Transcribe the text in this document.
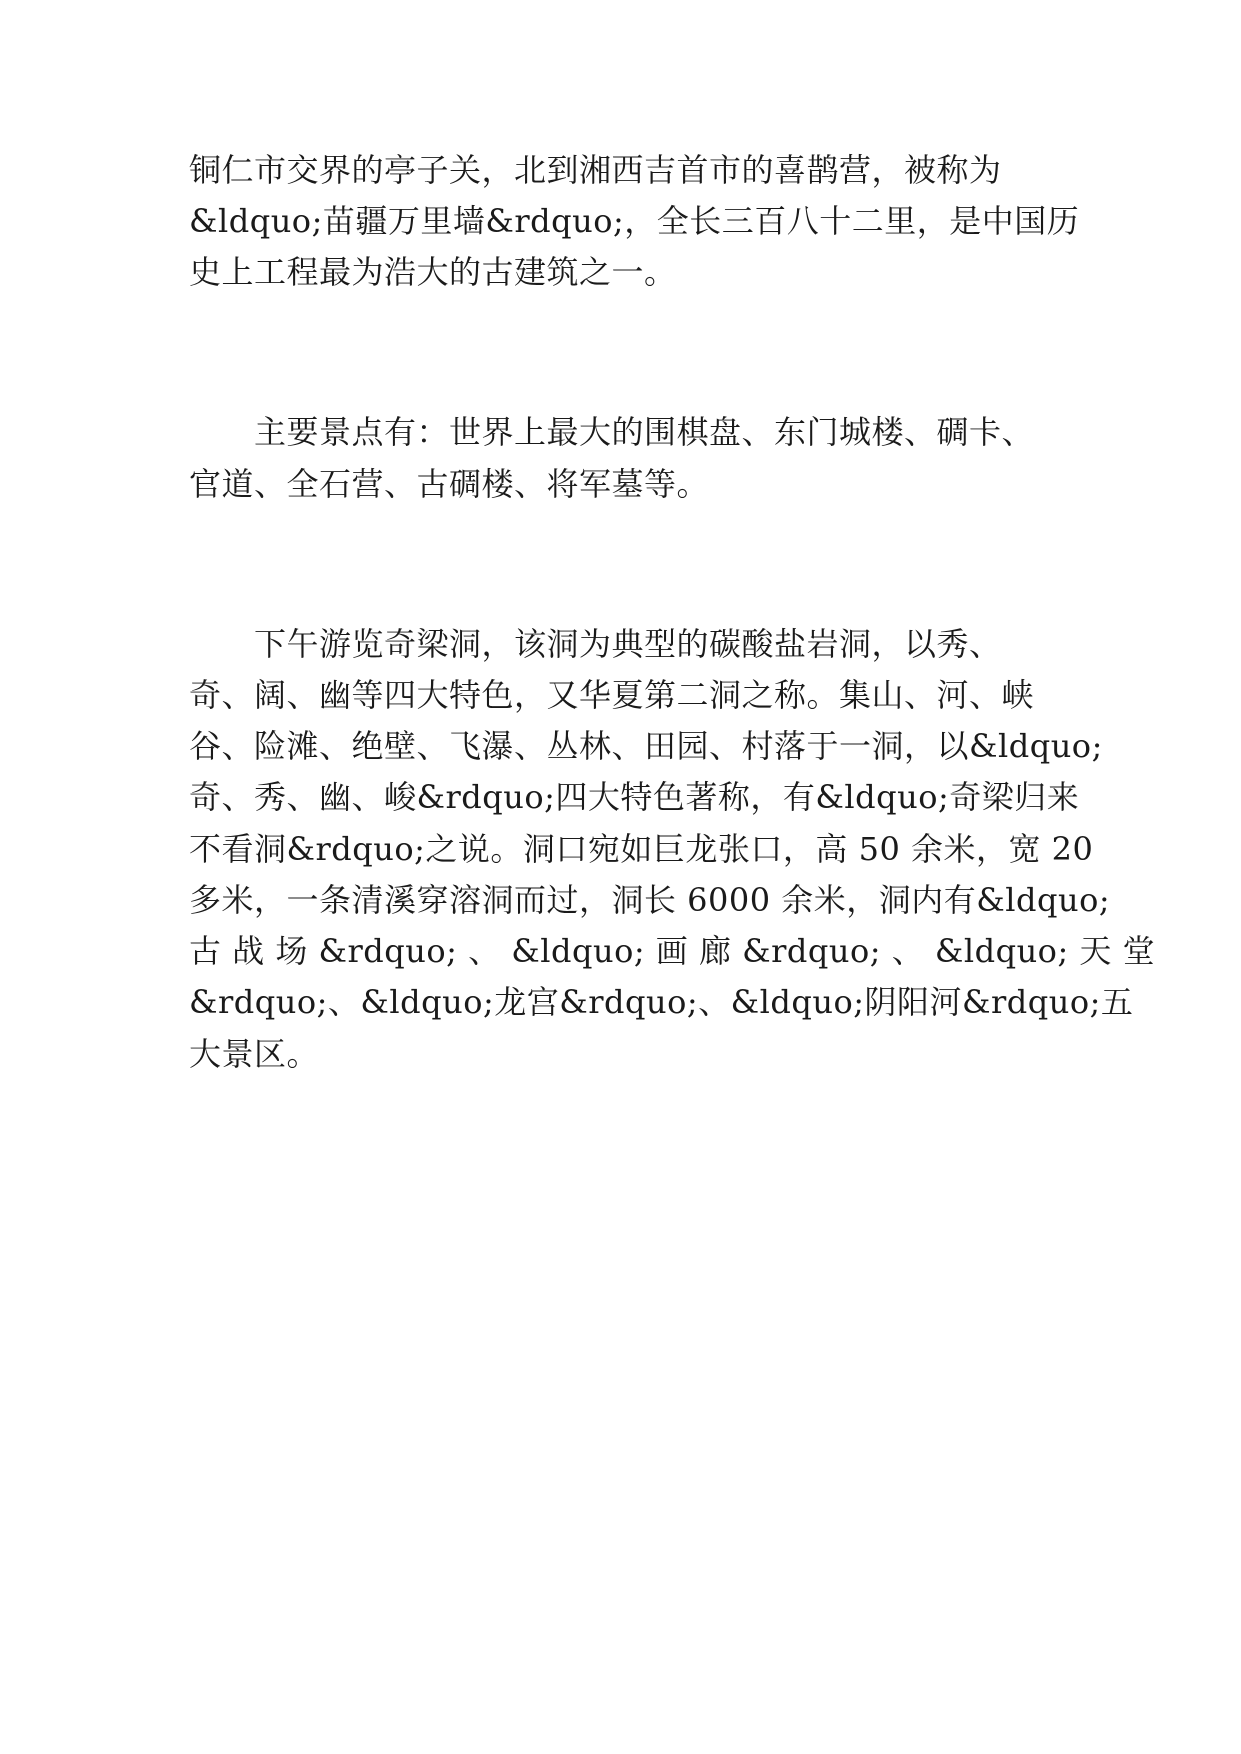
铜仁市交界的亭子关，北到湘西吉首市的喜鹊营，被称为
&ldquo;苗疆万里墙&rdquo;，全长三百八十二里，是中国历
史上工程最为浩大的古建筑之一。
　　主要景点有：世界上最大的围棋盘、东门城楼、碉卡、
官道、全石营、古碉楼、将军墓等。
　　下午游览奇梁洞，该洞为典型的碳酸盐岩洞，以秀、
奇、阔、幽等四大特色，又华夏第二洞之称。集山、河、峡
谷、险滩、绝壁、飞瀑、丛林、田园、村落于一洞，以&ldquo;
奇、秀、幽、峻&rdquo;四大特色著称，有&ldquo;奇梁归来
不看洞&rdquo;之说。洞口宛如巨龙张口，高 50 余米，宽 20
多米，一条清溪穿溶洞而过，洞长 6000 余米，洞内有&ldquo;
古 战 场 &rdquo; 、 &ldquo; 画 廊 &rdquo; 、 &ldquo; 天 堂
&rdquo;、&ldquo;龙宫&rdquo;、&ldquo;阴阳河&rdquo;五
大景区。
